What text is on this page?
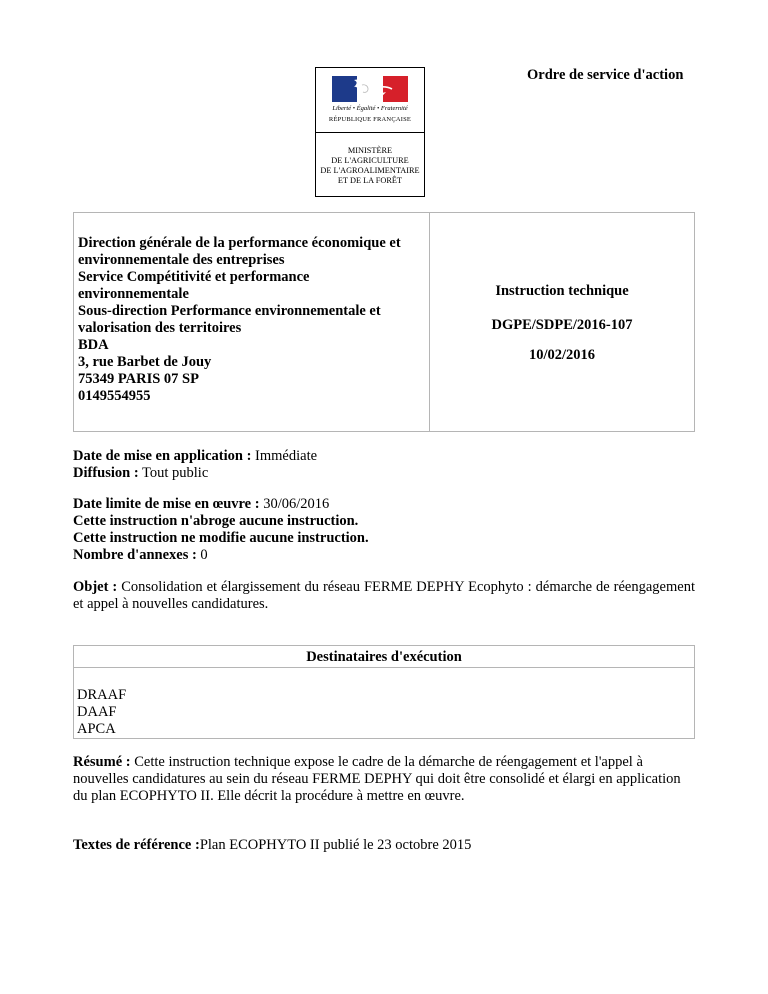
Liberté • Égalité • Fraternité
RÉPUBLIQUE FRANÇAISE
MINISTÈRE
DE L'AGRICULTURE
DE L'AGROALIMENTAIRE
ET DE LA FORÊT
Ordre de service d'action
Direction générale de la performance économique et
environnementale des entreprises
Service Compétitivité et performance
environnementale
Sous-direction Performance environnementale et
valorisation des territoires
BDA
3, rue Barbet de Jouy
75349 PARIS 07 SP
0149554955
Instruction technique
DGPE/SDPE/2016-107
10/02/2016
Date de mise en application : Immédiate
Diffusion : Tout public
Date limite de mise en œuvre : 30/06/2016
Cette instruction n'abroge aucune instruction.
Cette instruction ne modifie aucune instruction.
Nombre d'annexes : 0
Objet : Consolidation et élargissement du réseau FERME DEPHY Ecophyto : démarche de réengagement et appel à nouvelles candidatures.
Destinataires d'exécution
DRAAF
DAAF
APCA
Résumé : Cette instruction technique expose le cadre de la démarche de réengagement et l'appel à nouvelles candidatures au sein du réseau FERME DEPHY qui doit être consolidé et élargi en application du plan ECOPHYTO II. Elle décrit la procédure à mettre en œuvre.
Textes de référence :Plan ECOPHYTO II publié le 23 octobre 2015
